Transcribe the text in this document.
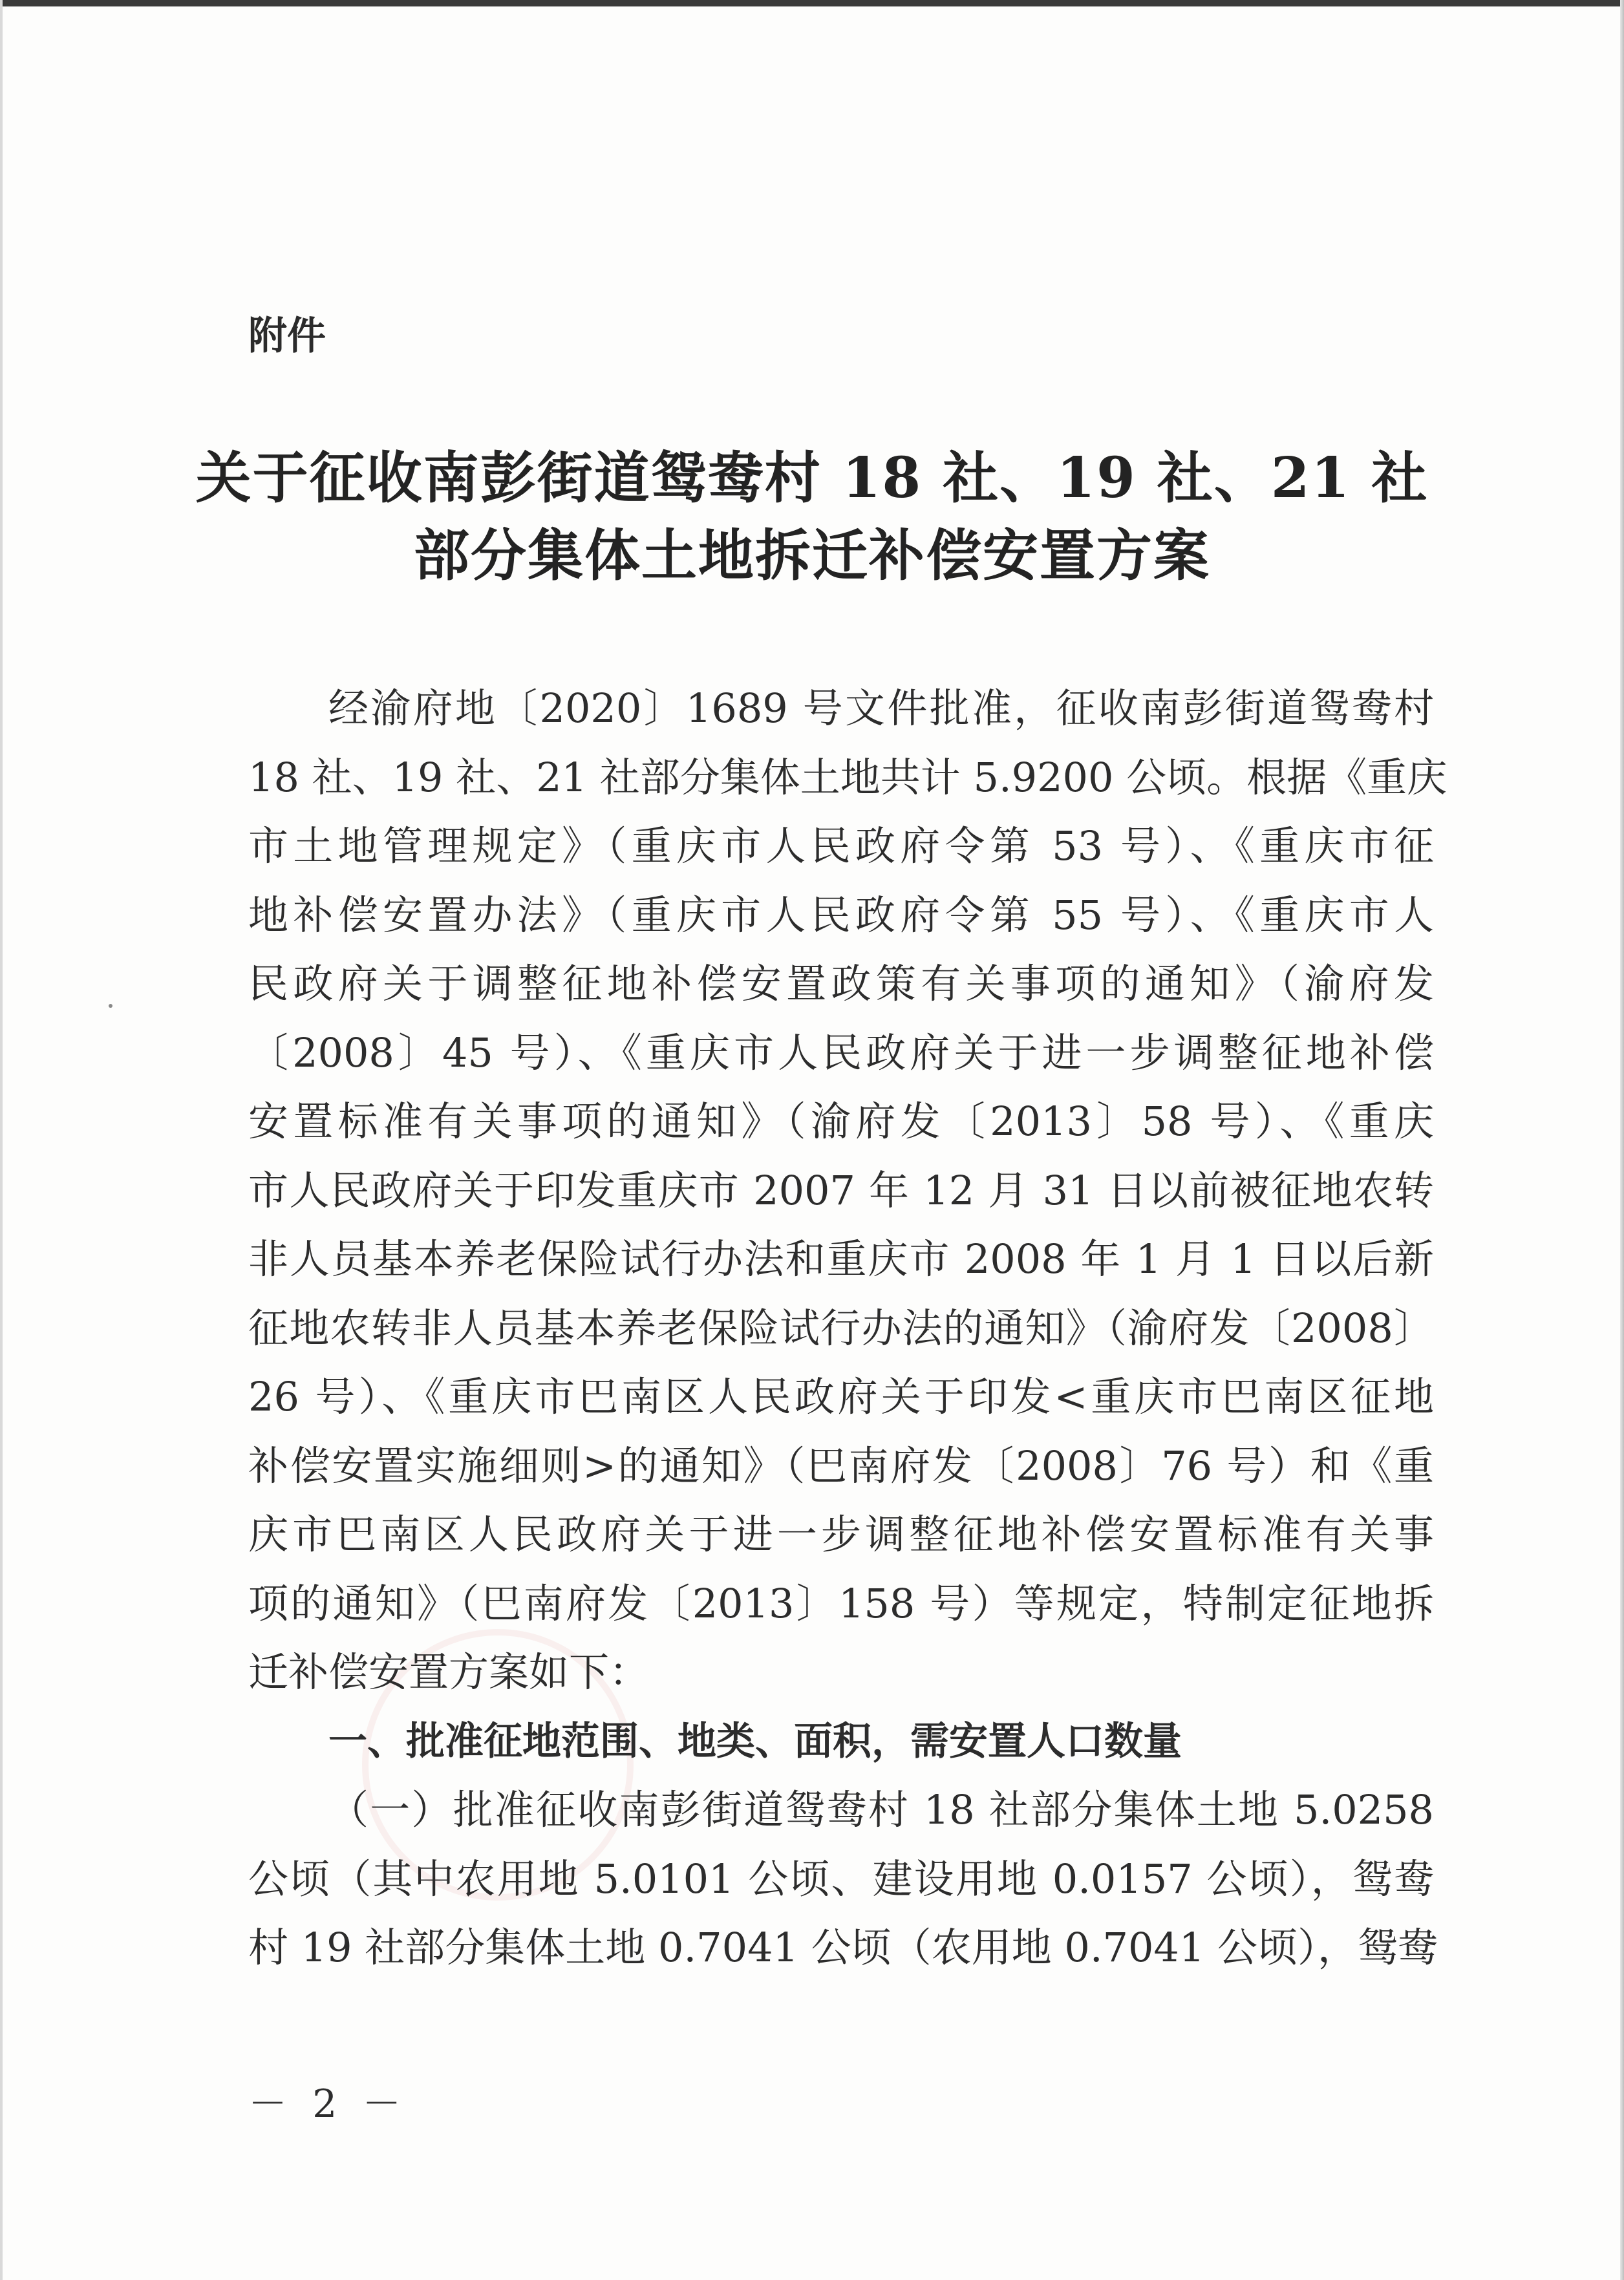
附件
关于征收南彭街道鸳鸯村 18 社、19 社、21 社
部分集体土地拆迁补偿安置方案
经渝府地〔2020〕1689 号文件批准，征收南彭街道鸳鸯村
18 社、19 社、21 社部分集体土地共计 5.9200 公顷。根据《重庆
市土地管理规定》（重庆市人民政府令第 53 号）、《重庆市征
地补偿安置办法》（重庆市人民政府令第 55 号）、《重庆市人
民政府关于调整征地补偿安置政策有关事项的通知》（渝府发
〔2008〕45 号）、《重庆市人民政府关于进一步调整征地补偿
安置标准有关事项的通知》（渝府发〔2013〕58 号）、《重庆
市人民政府关于印发重庆市 2007 年 12 月 31 日以前被征地农转
非人员基本养老保险试行办法和重庆市 2008 年 1 月 1 日以后新
征地农转非人员基本养老保险试行办法的通知》（渝府发〔2008〕
26 号）、《重庆市巴南区人民政府关于印发<重庆市巴南区征地
补偿安置实施细则>的通知》（巴南府发〔2008〕76 号）和《重
庆市巴南区人民政府关于进一步调整征地补偿安置标准有关事
项的通知》（巴南府发〔2013〕158 号）等规定，特制定征地拆
迁补偿安置方案如下：
一、批准征地范围、地类、面积，需安置人口数量
（一）批准征收南彭街道鸳鸯村 18 社部分集体土地 5.0258
公顷（其中农用地 5.0101 公顷、建设用地 0.0157 公顷），鸳鸯
村 19 社部分集体土地 0.7041 公顷（农用地 0.7041 公顷），鸳鸯
－ 2 －
